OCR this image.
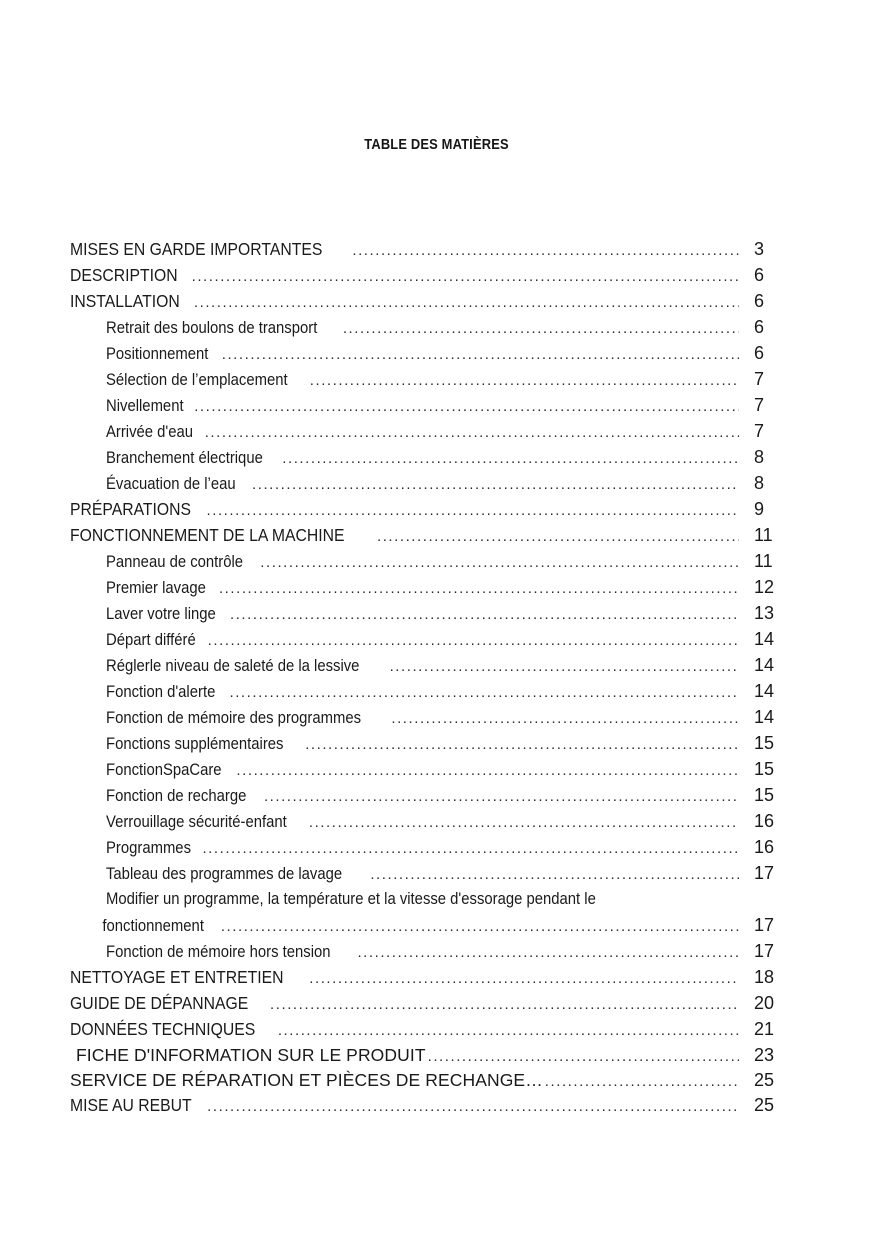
TABLE DES MATIÈRES
MISES EN GARDE IMPORTANTES .....	3
DESCRIPTION .....	6
INSTALLATION .....	6
Retrait des boulons de transport .....	6
Positionnement .....	6
Sélection de l’emplacement .....	7
Nivellement .....	7
Arrivée d'eau .....	7
Branchement électrique .....	8
Évacuation de l’eau .....	8
PRÉPARATIONS .....	9
FONCTIONNEMENT DE LA MACHINE .....	11
Panneau de contrôle .....	11
Premier lavage .....	12
Laver votre linge .....	13
Départ différé .....	14
Réglerle niveau de saleté de la lessive .....	14
Fonction d'alerte .....	14
Fonction de mémoire des programmes .....	14
Fonctions supplémentaires .....	15
FonctionSpaCare .....	15
Fonction de recharge .....	15
Verrouillage sécurité-enfant .....	16
Programmes .....	16
Tableau des programmes de lavage .....	17
Modifier un programme, la température et la vitesse d'essorage pendant le
fonctionnement .....	17
Fonction de mémoire hors tension .....	17
NETTOYAGE ET ENTRETIEN .....	18
GUIDE DE DÉPANNAGE .....	20
DONNÉES TECHNIQUES .....	21
FICHE D'INFORMATION SUR LE PRODUIT .....	23
SERVICE DE RÉPARATION ET PIÈCES DE RECHANGE… .....	25
MISE AU REBUT .....	25
